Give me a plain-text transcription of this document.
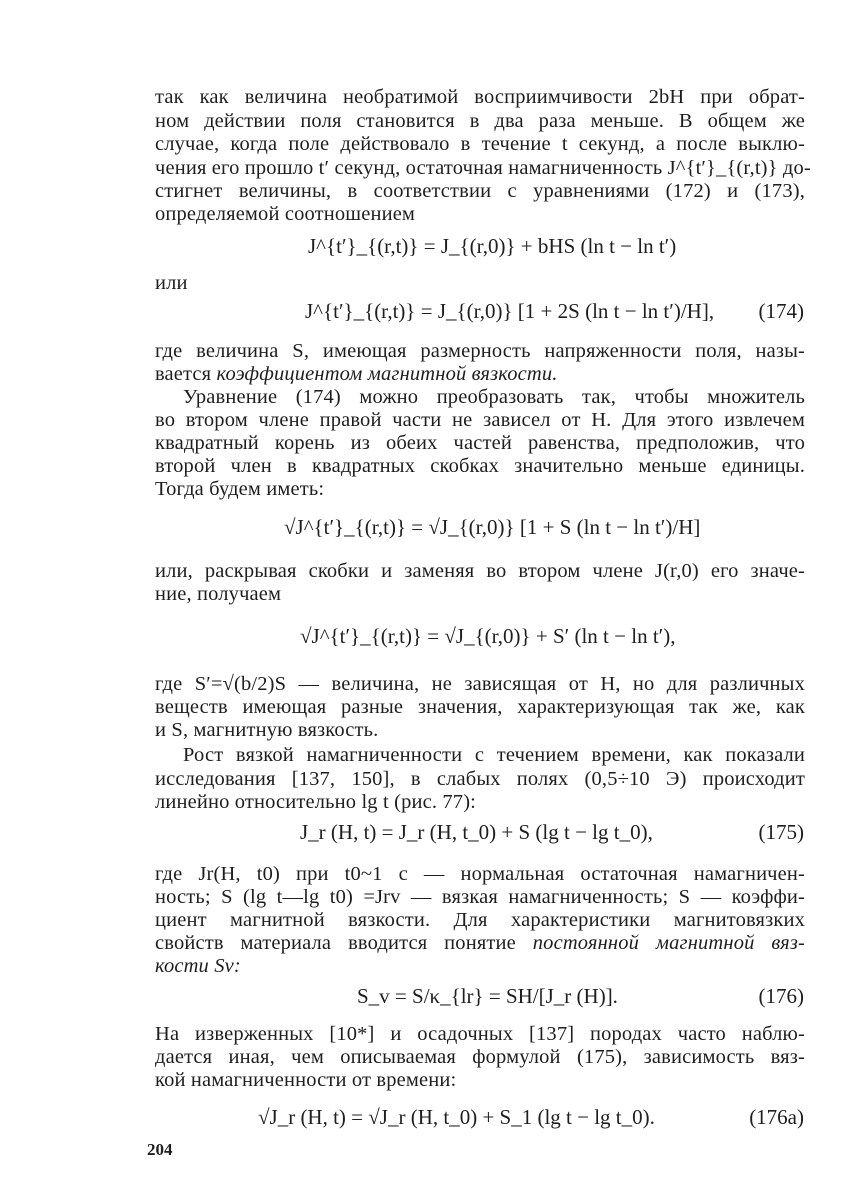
так как величина необратимой восприимчивости 2bH при обрат-
ном действии поля становится в два раза меньше. В общем же
случае, когда поле действовало в течение t секунд, а после выклю-
чения его прошло t′ секунд, остаточная намагниченность J^{t′}_{(r,t)} до-
стигнет величины, в соответствии с уравнениями (172) и (173),
определяемой соотношением
J^{t′}_{(r,t)} = J_{(r,0)} + bHS (ln t − ln t′)
или
J^{t′}_{(r,t)} = J_{(r,0)} [1 + 2S (ln t − ln t′)/H], (174)
где величина S, имеющая размерность напряженности поля, назы-
вается коэффициентом магнитной вязкости.
Уравнение (174) можно преобразовать так, чтобы множитель
во втором члене правой части не зависел от H. Для этого извлечем
квадратный корень из обеих частей равенства, предположив, что
второй член в квадратных скобках значительно меньше единицы.
Тогда будем иметь:
√J^{t′}_{(r,t)} = √J_{(r,0)} [1 + S (ln t − ln t′)/H]
или, раскрывая скобки и заменяя во втором члене J(r,0) его значе-
ние, получаем
√J^{t′}_{(r,t)} = √J_{(r,0)} + S′ (ln t − ln t′),
где S′=√(b/2)S — величина, не зависящая от H, но для различных
веществ имеющая разные значения, характеризующая так же, как
и S, магнитную вязкость.
Рост вязкой намагниченности с течением времени, как показали
исследования [137, 150], в слабых полях (0,5÷10 Э) происходит
линейно относительно lg t (рис. 77):
J_r (H, t) = J_r (H, t_0) + S (lg t − lg t_0),	(175)
где Jr(H, t0) при t0~1 с — нормальная остаточная намагничен-
ность; S (lg t—lg t0) =Jrv — вязкая намагниченность; S — коэффи-
циент магнитной вязкости. Для характеристики магнитовязких
свойств материала вводится понятие постоянной магнитной вяз-
кости Sv:
S_v = S/κ_{lr} = SH/[J_r (H)].	(176)
На изверженных [10*] и осадочных [137] породах часто наблю-
дается иная, чем описываемая формулой (175), зависимость вяз-
кой намагниченности от времени:
√J_r (H, t) = √J_r (H, t_0) + S_1 (lg t − lg t_0).	(176a)
204
